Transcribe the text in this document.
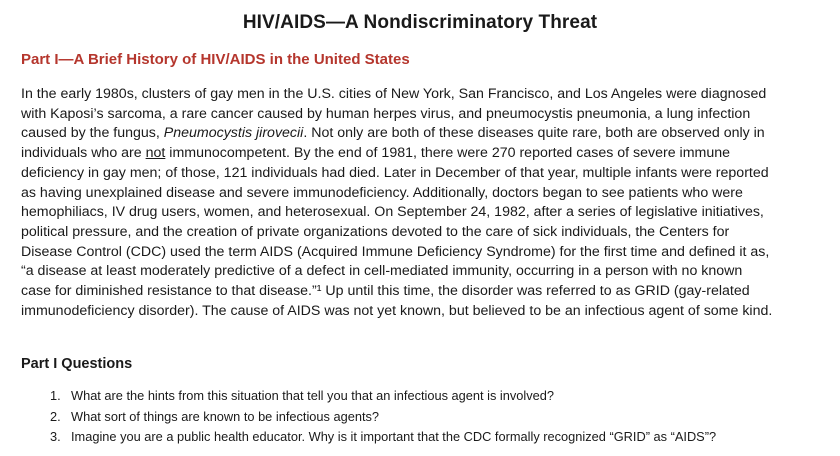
HIV/AIDS—A Nondiscriminatory Threat
Part I—A Brief History of HIV/AIDS in the United States

In the early 1980s, clusters of gay men in the U.S. cities of New York, San Francisco, and Los Angeles were diagnosed
with Kaposi’s sarcoma, a rare cancer caused by human herpes virus, and pneumocystis pneumonia, a lung infection
caused by the fungus, Pneumocystis jirovecii. Not only are both of these diseases quite rare, both are observed only in
individuals who are not immunocompetent. By the end of 1981, there were 270 reported cases of severe immune
deficiency in gay men; of those, 121 individuals had died. Later in December of that year, multiple infants were reported
as having unexplained disease and severe immunodeficiency. Additionally, doctors began to see patients who were
hemophiliacs, IV drug users, women, and heterosexual. On September 24, 1982, after a series of legislative initiatives,
political pressure, and the creation of private organizations devoted to the care of sick individuals, the Centers for
Disease Control (CDC) used the term AIDS (Acquired Immune Deficiency Syndrome) for the first time and defined it as,
“a disease at least moderately predictive of a defect in cell-mediated immunity, occurring in a person with no known
case for diminished resistance to that disease.”¹ Up until this time, the disorder was referred to as GRID (gay-related
immunodeficiency disorder). The cause of AIDS was not yet known, but believed to be an infectious agent of some kind.

Part I Questions
1. What are the hints from this situation that tell you that an infectious agent is involved?
2. What sort of things are known to be infectious agents?
3. Imagine you are a public health educator. Why is it important that the CDC formally recognized “GRID” as “AIDS”?
